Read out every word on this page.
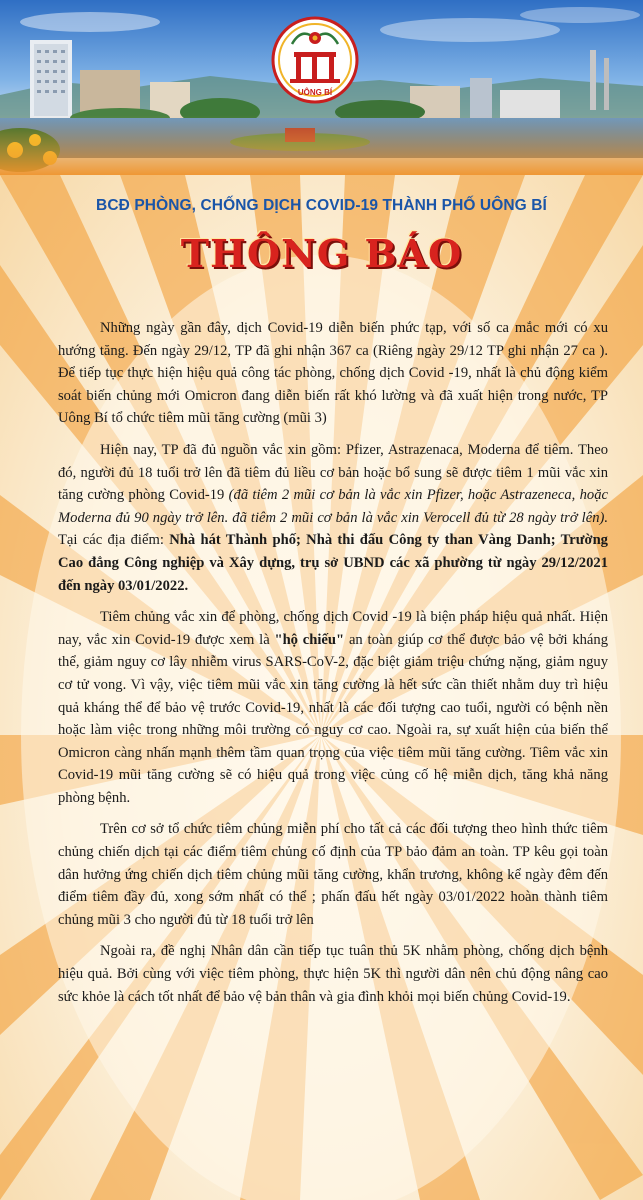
UÔNG BÍ
BCĐ PHÒNG, CHỐNG DỊCH COVID-19 THÀNH PHỐ UÔNG BÍ
THÔNG BÁO

Những ngày gần đây, dịch Covid-19 diễn biến phức tạp, với số ca mắc mới có xu hướng tăng. Đến ngày 29/12, TP đã ghi nhận 367 ca (Riêng ngày 29/12 TP ghi nhận 27 ca ). Để tiếp tục thực hiện hiệu quả công tác phòng, chống dịch Covid -19, nhất là chủ động kiểm soát biến chủng mới Omicron đang diễn biến rất khó lường và đã xuất hiện trong nước, TP Uông Bí tổ chức tiêm mũi tăng cường (mũi 3)

Hiện nay, TP đã đủ nguồn vắc xin gồm: Pfizer, Astrazenaca, Moderna để tiêm. Theo đó, người đủ 18 tuổi trở lên đã tiêm đủ liều cơ bản hoặc bổ sung sẽ được tiêm 1 mũi vắc xin tăng cường phòng Covid-19 (đã tiêm 2 mũi cơ bản là vắc xin Pfizer, hoặc Astrazeneca, hoặc Moderna đủ 90 ngày trở lên. đã tiêm 2 mũi cơ bản là vắc xin Verocell đủ từ 28 ngày trở lên). Tại các địa điểm: Nhà hát Thành phố; Nhà thi đấu Công ty than Vàng Danh; Trường Cao đẳng Công nghiệp và Xây dựng, trụ sở UBND các xã phường từ ngày 29/12/2021 đến ngày 03/01/2022.

Tiêm chủng vắc xin để phòng, chống dịch Covid -19 là biện pháp hiệu quả nhất. Hiện nay, vắc xin Covid-19 được xem là "hộ chiếu" an toàn giúp cơ thể được bảo vệ bởi kháng thể, giảm nguy cơ lây nhiễm virus SARS-CoV-2, đặc biệt giảm triệu chứng nặng, giảm nguy cơ tử vong. Vì vậy, việc tiêm mũi vắc xin tăng cường là hết sức cần thiết nhằm duy trì hiệu quả kháng thể để bảo vệ trước Covid-19, nhất là các đối tượng cao tuổi, người có bệnh nền hoặc làm việc trong những môi trường có nguy cơ cao. Ngoài ra, sự xuất hiện của biến thể Omicron càng nhấn mạnh thêm tầm quan trọng của việc tiêm mũi tăng cường. Tiêm vắc xin Covid-19 mũi tăng cường sẽ có hiệu quả trong việc củng cố hệ miễn dịch, tăng khả năng phòng bệnh.

Trên cơ sở tổ chức tiêm chủng miễn phí cho tất cả các đối tượng theo hình thức tiêm chủng chiến dịch tại các điểm tiêm chủng cố định của TP bảo đảm an toàn. TP kêu gọi toàn dân hưởng ứng chiến dịch tiêm chủng mũi tăng cường, khẩn trương, không kể ngày đêm đến điểm tiêm đầy đủ, xong sớm nhất có thể ; phấn đấu hết ngày 03/01/2022 hoàn thành tiêm chủng mũi 3 cho người đủ từ 18 tuổi trở lên

Ngoài ra, đề nghị Nhân dân cần tiếp tục tuân thủ 5K nhằm phòng, chống dịch bệnh hiệu quả. Bởi cùng với việc tiêm phòng, thực hiện 5K thì người dân nên chủ động nâng cao sức khỏe là cách tốt nhất để bảo vệ bản thân và gia đình khỏi mọi biến chủng Covid-19.
